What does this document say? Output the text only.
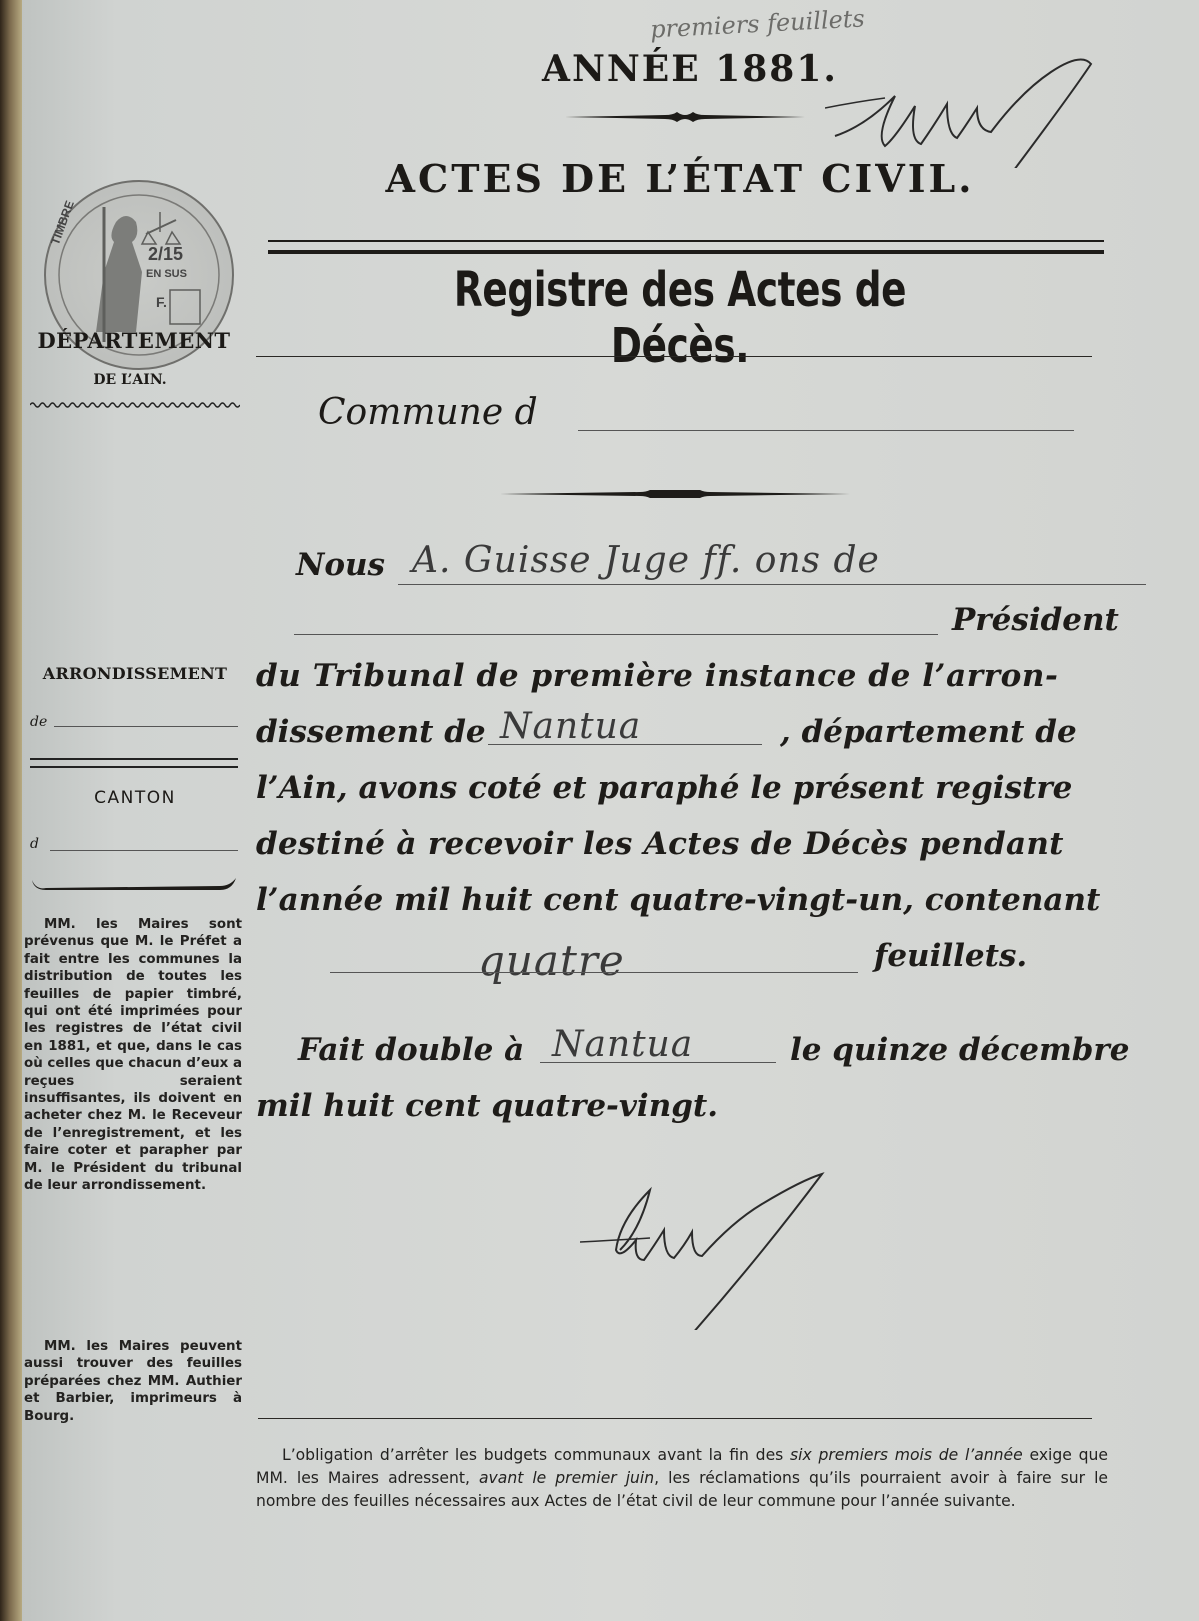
TIMBRE
2/15
EN SUS
F.
DÉPARTEMENT
DE L’AIN.
ARRONDISSEMENT
de
CANTON
d

MM. les Maires sont prévenus que M. le Préfet a fait entre les communes la distribution de toutes les feuilles de papier timbré, qui ont été imprimées pour les registres de l’état civil en 1881, et que, dans le cas où celles que chacun d’eux a reçues seraient insuffisantes, ils doivent en acheter chez M. le Receveur de l’enregistrement, et les faire coter et parapher par M. le Président du tribunal de leur arrondissement.

MM. les Maires peuvent aussi trouver des feuilles préparées chez MM. Authier et Barbier, imprimeurs à Bourg.

premiers feuillets
ANNÉE 1881.
ACTES DE L’ÉTAT CIVIL.
Registre des Actes de Décès.
Commune d
Nous A. Guisse Juge ff. ons de
Président
du Tribunal de première instance de l’arron-
dissement de Nantua	, département de
l’Ain, avons coté et paraphé le présent registre
destiné à recevoir les Actes de Décès pendant
l’année mil huit cent quatre-vingt-un, contenant
quatre	feuillets.
Fait double à Nantua	le quinze décembre
mil huit cent quatre-vingt.

L’obligation d’arrêter les budgets communaux avant la fin des six premiers mois de l’année exige que MM. les Maires adressent, avant le premier juin, les réclamations qu’ils pourraient avoir à faire sur le nombre des feuilles nécessaires aux Actes de l’état civil de leur commune pour l’année suivante.
